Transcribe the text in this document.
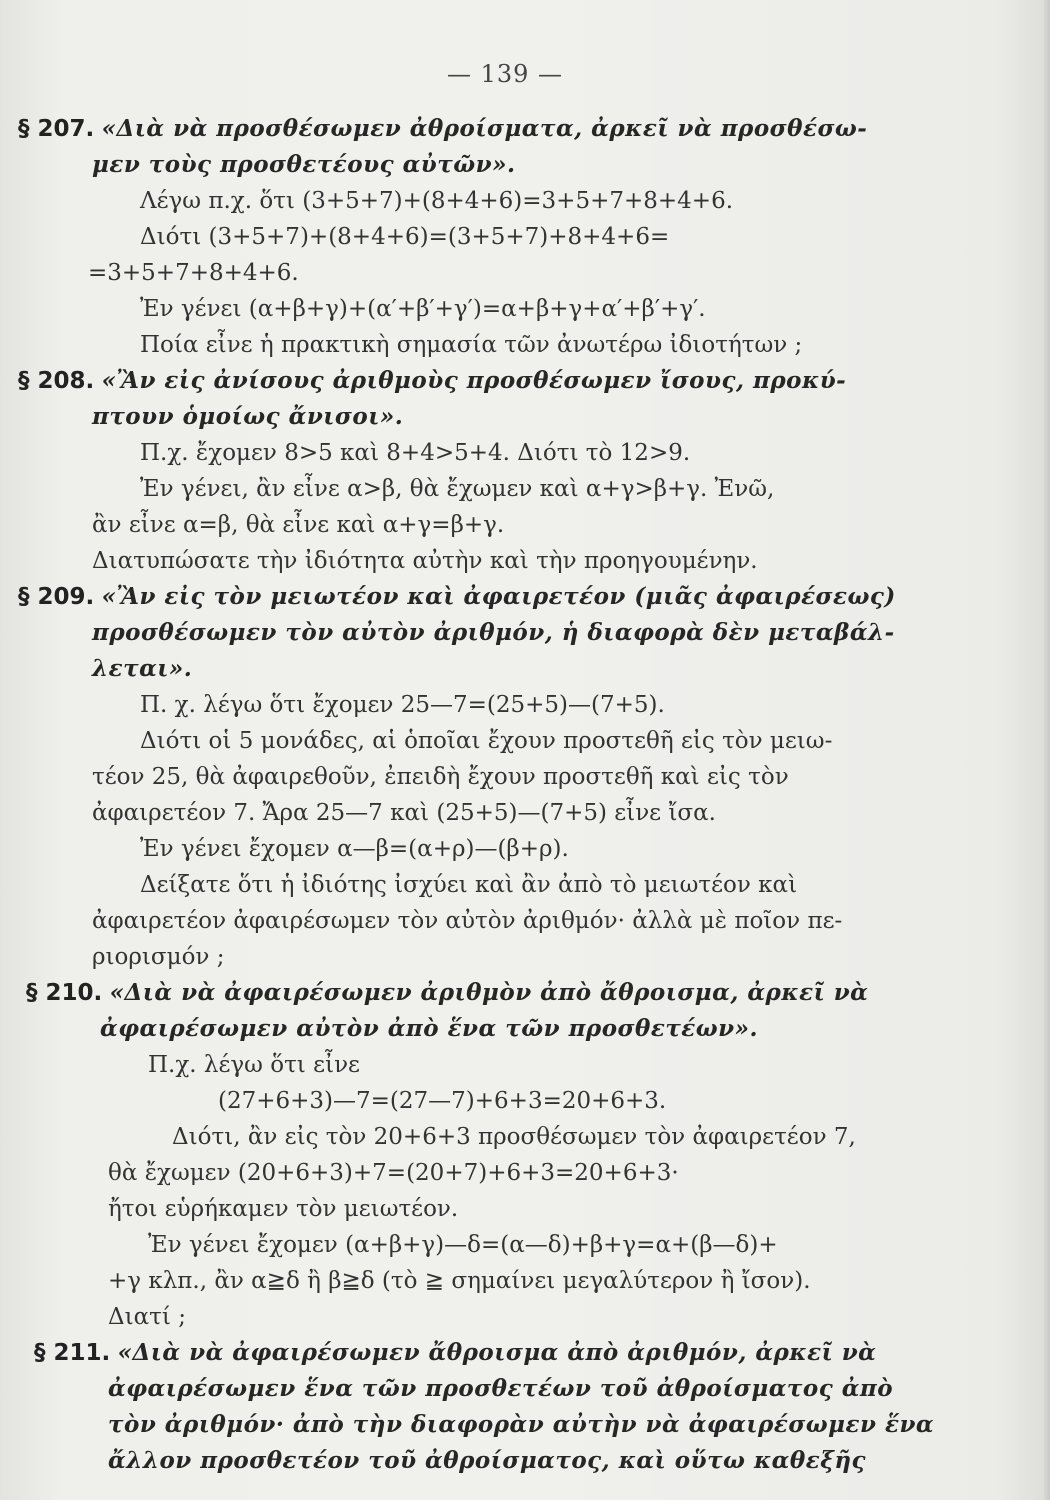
— 139 —
§ 207. «Διὰ νὰ προσθέσωμεν ἀθροίσματα, ἀρκεῖ νὰ προσθέσω-
μεν τοὺς προσθετέους αὐτῶν».
Λέγω π.χ. ὅτι (3+5+7)+(8+4+6)=3+5+7+8+4+6.
Διότι (3+5+7)+(8+4+6)=(3+5+7)+8+4+6=
=3+5+7+8+4+6.
Ἐν γένει (α+β+γ)+(α′+β′+γ′)=α+β+γ+α′+β′+γ′.
Ποία εἶνε ἡ πρακτικὴ σημασία τῶν ἀνωτέρω ἰδιοτήτων ;
§ 208. «Ἂν εἰς ἀνίσους ἀριθμοὺς προσθέσωμεν ἴσους, προκύ-
πτουν ὁμοίως ἄνισοι».
Π.χ. ἔχομεν 8>5 καὶ 8+4>5+4. Διότι τὸ 12>9.
Ἐν γένει, ἂν εἶνε α>β, θὰ ἔχωμεν καὶ α+γ>β+γ. Ἐνῶ,
ἂν εἶνε α=β, θὰ εἶνε καὶ α+γ=β+γ.
Διατυπώσατε τὴν ἰδιότητα αὐτὴν καὶ τὴν προηγουμένην.
§ 209. «Ἂν εἰς τὸν μειωτέον καὶ ἀφαιρετέον (μιᾶς ἀφαιρέσεως)
προσθέσωμεν τὸν αὐτὸν ἀριθμόν, ἡ διαφορὰ δὲν μεταβάλ-
λεται».
Π. χ. λέγω ὅτι ἔχομεν 25—7=(25+5)—(7+5).
Διότι οἱ 5 μονάδες, αἱ ὁποῖαι ἔχουν προστεθῆ εἰς τὸν μειω-
τέον 25, θὰ ἀφαιρεθοῦν, ἐπειδὴ ἔχουν προστεθῆ καὶ εἰς τὸν
ἀφαιρετέον 7. Ἄρα 25—7 καὶ (25+5)—(7+5) εἶνε ἴσα.
Ἐν γένει ἔχομεν α—β=(α+ρ)—(β+ρ).
Δείξατε ὅτι ἡ ἰδιότης ἰσχύει καὶ ἂν ἀπὸ τὸ μειωτέον καὶ
ἀφαιρετέον ἀφαιρέσωμεν τὸν αὐτὸν ἀριθμόν· ἀλλὰ μὲ ποῖον πε-
ριορισμόν ;
§ 210. «Διὰ νὰ ἀφαιρέσωμεν ἀριθμὸν ἀπὸ ἄθροισμα, ἀρκεῖ νὰ
ἀφαιρέσωμεν αὐτὸν ἀπὸ ἕνα τῶν προσθετέων».
Π.χ. λέγω ὅτι εἶνε
(27+6+3)—7=(27—7)+6+3=20+6+3.
Διότι, ἂν εἰς τὸν 20+6+3 προσθέσωμεν τὸν ἀφαιρετέον 7,
θὰ ἔχωμεν (20+6+3)+7=(20+7)+6+3=20+6+3·
ἤτοι εὑρήκαμεν τὸν μειωτέον.
Ἐν γένει ἔχομεν (α+β+γ)—δ=(α—δ)+β+γ=α+(β—δ)+
+γ κλπ., ἂν α≧δ ἢ β≧δ (τὸ ≧ σημαίνει μεγαλύτερον ἢ ἴσον).
Διατί ;
§ 211. «Διὰ νὰ ἀφαιρέσωμεν ἄθροισμα ἀπὸ ἀριθμόν, ἀρκεῖ νὰ
ἀφαιρέσωμεν ἕνα τῶν προσθετέων τοῦ ἀθροίσματος ἀπὸ
τὸν ἀριθμόν· ἀπὸ τὴν διαφορὰν αὐτὴν νὰ ἀφαιρέσωμεν ἕνα
ἄλλον προσθετέον τοῦ ἀθροίσματος, καὶ οὕτω καθεξῆς
